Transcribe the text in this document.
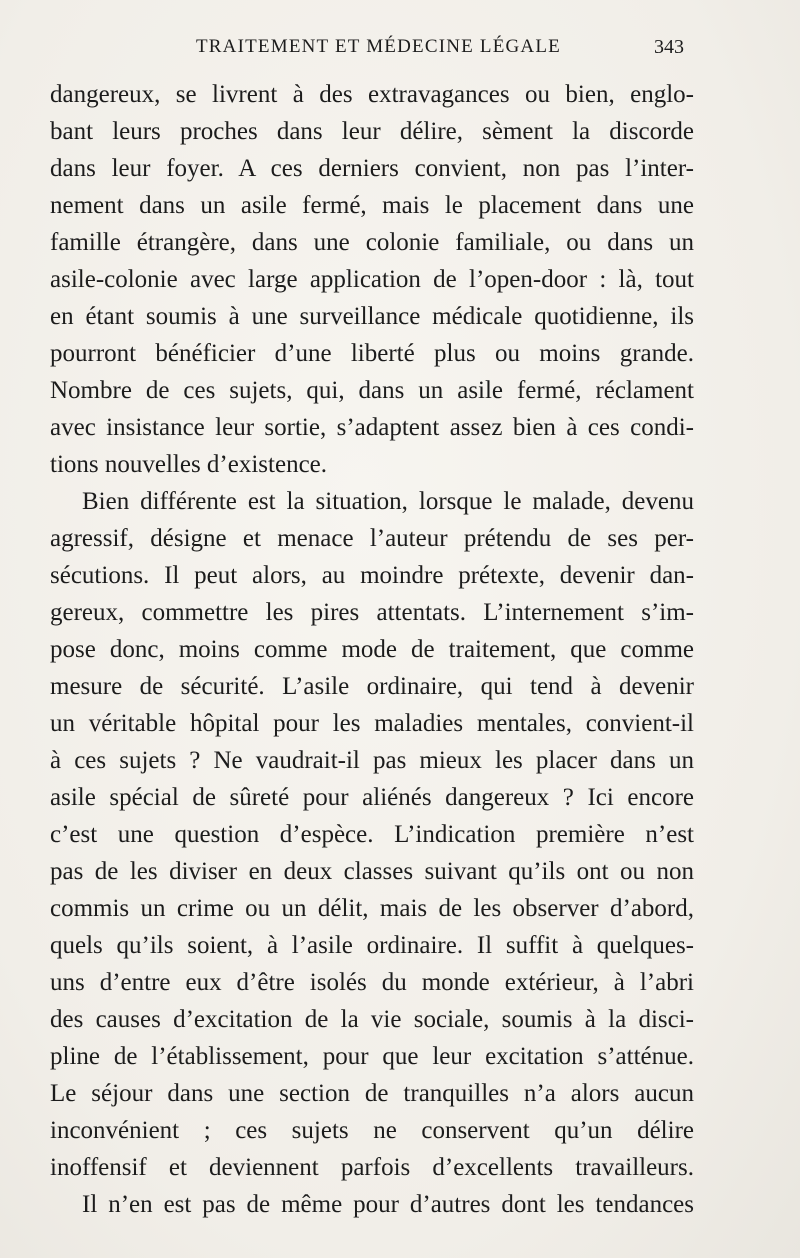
TRAITEMENT ET MÉDECINE LÉGALE	343
dangereux, se livrent à des extravagances ou bien, englo-
bant leurs proches dans leur délire, sèment la discorde
dans leur foyer. A ces derniers convient, non pas l’inter-
nement dans un asile fermé, mais le placement dans une
famille étrangère, dans une colonie familiale, ou dans un
asile-colonie avec large application de l’open-door : là, tout
en étant soumis à une surveillance médicale quotidienne, ils
pourront bénéficier d’une liberté plus ou moins grande.
Nombre de ces sujets, qui, dans un asile fermé, réclament
avec insistance leur sortie, s’adaptent assez bien à ces condi-
tions nouvelles d’existence.
Bien différente est la situation, lorsque le malade, devenu
agressif, désigne et menace l’auteur prétendu de ses per-
sécutions. Il peut alors, au moindre prétexte, devenir dan-
gereux, commettre les pires attentats. L’internement s’im-
pose donc, moins comme mode de traitement, que comme
mesure de sécurité. L’asile ordinaire, qui tend à devenir
un véritable hôpital pour les maladies mentales, convient-il
à ces sujets ? Ne vaudrait-il pas mieux les placer dans un
asile spécial de sûreté pour aliénés dangereux ? Ici encore
c’est une question d’espèce. L’indication première n’est
pas de les diviser en deux classes suivant qu’ils ont ou non
commis un crime ou un délit, mais de les observer d’abord,
quels qu’ils soient, à l’asile ordinaire. Il suffit à quelques-
uns d’entre eux d’être isolés du monde extérieur, à l’abri
des causes d’excitation de la vie sociale, soumis à la disci-
pline de l’établissement, pour que leur excitation s’atténue.
Le séjour dans une section de tranquilles n’a alors aucun
inconvénient ; ces sujets ne conservent qu’un délire
inoffensif et deviennent parfois d’excellents travailleurs.
Il n’en est pas de même pour d’autres dont les tendances
